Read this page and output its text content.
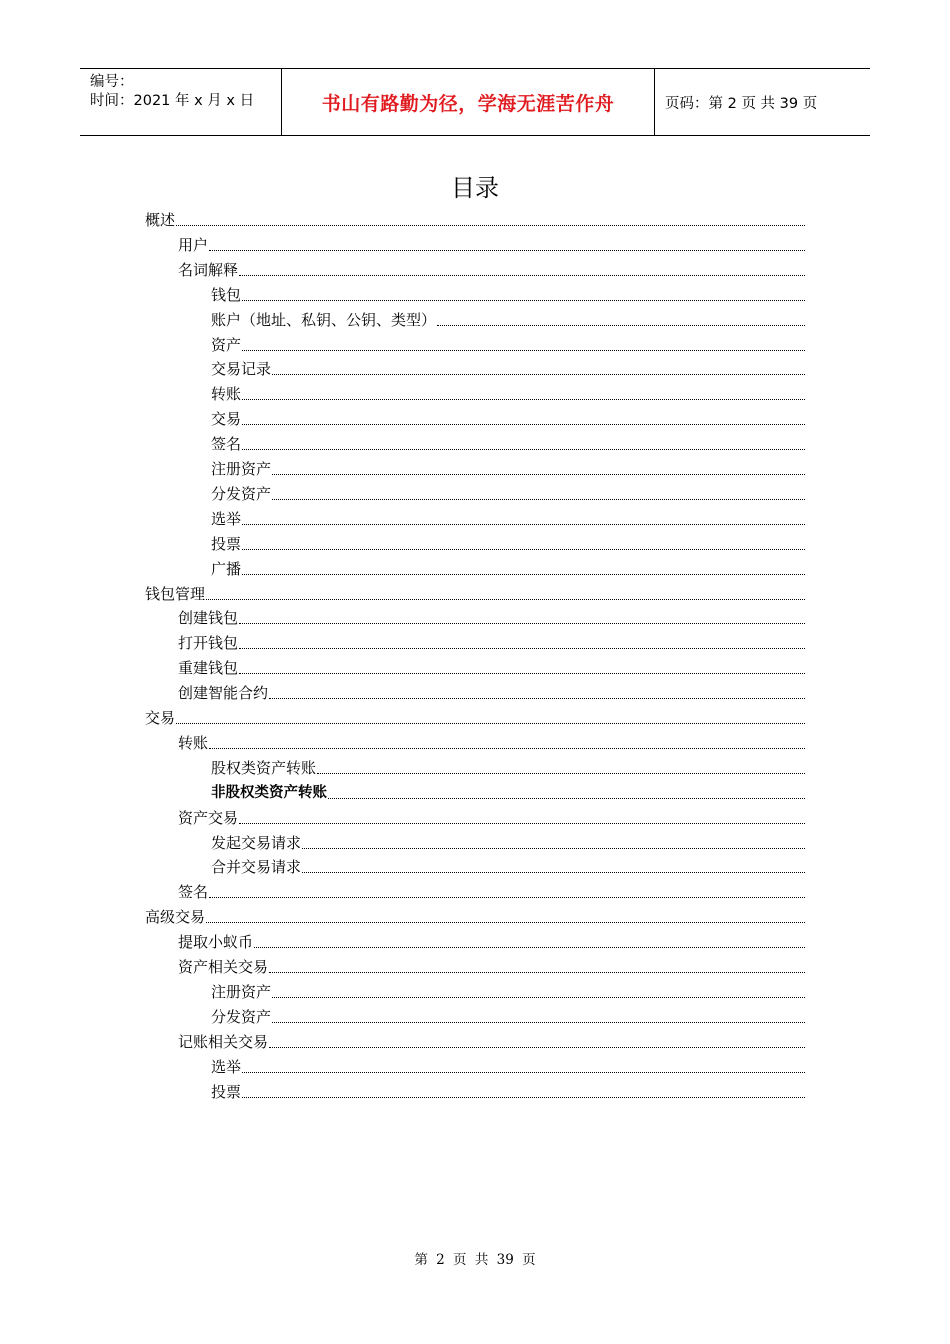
编号：
时间：2021 年 x 月 x 日	书山有路勤为径，学海无涯苦作舟	页码：第 2 页 共 39 页
目录
概述
用户
名词解释
钱包
账户（地址、私钥、公钥、类型）
资产
交易记录
转账
交易
签名
注册资产
分发资产
选举
投票
广播
钱包管理
创建钱包
打开钱包
重建钱包
创建智能合约
交易
转账
股权类资产转账
非股权类资产转账
资产交易
发起交易请求
合并交易请求
签名
高级交易
提取小蚁币
资产相关交易
注册资产
分发资产
记账相关交易
选举
投票
第 2 页 共 39 页
